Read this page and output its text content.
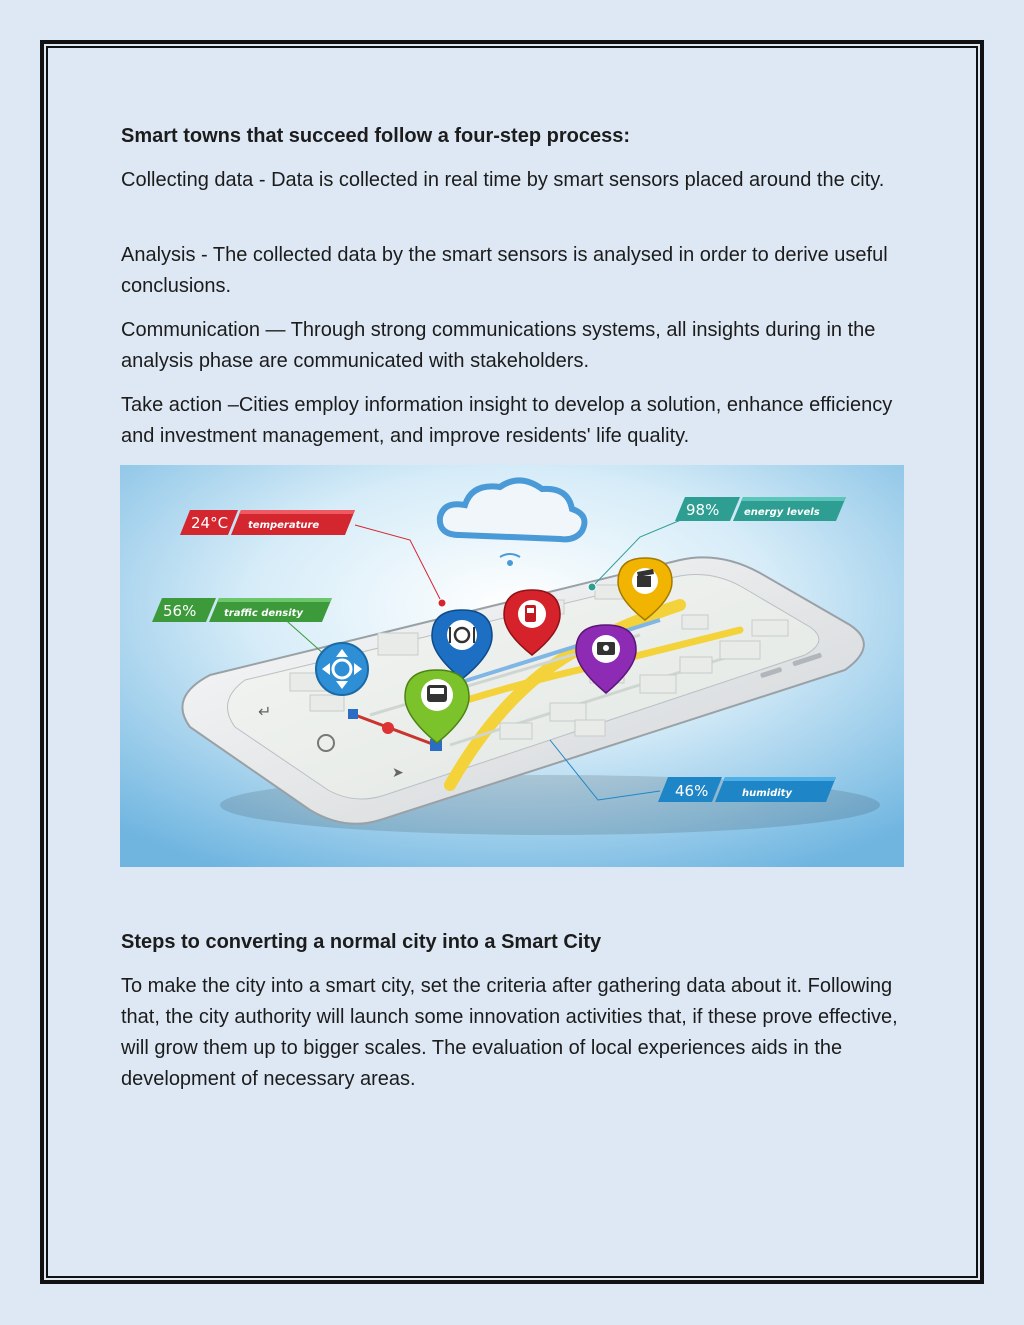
Smart towns that succeed follow a four-step process:

Collecting data - Data is collected in real time by smart sensors placed around the city.

Analysis - The collected data by the smart sensors is analysed in order to derive useful conclusions.

Communication — Through strong communications systems, all insights during in the analysis phase are communicated with stakeholders.

Take action –Cities employ information insight to develop a solution, enhance efficiency and investment management, and improve residents' life quality.

↵
➤
24°C temperature
98% energy levels
56%	traffic density
46%	humidity
Steps to converting a normal city into a Smart City

To make the city into a smart city, set the criteria after gathering data about it. Following that, the city authority will launch some innovation activities that, if these prove effective, will grow them up to bigger scales. The evaluation of local experiences aids in the development of necessary areas.
